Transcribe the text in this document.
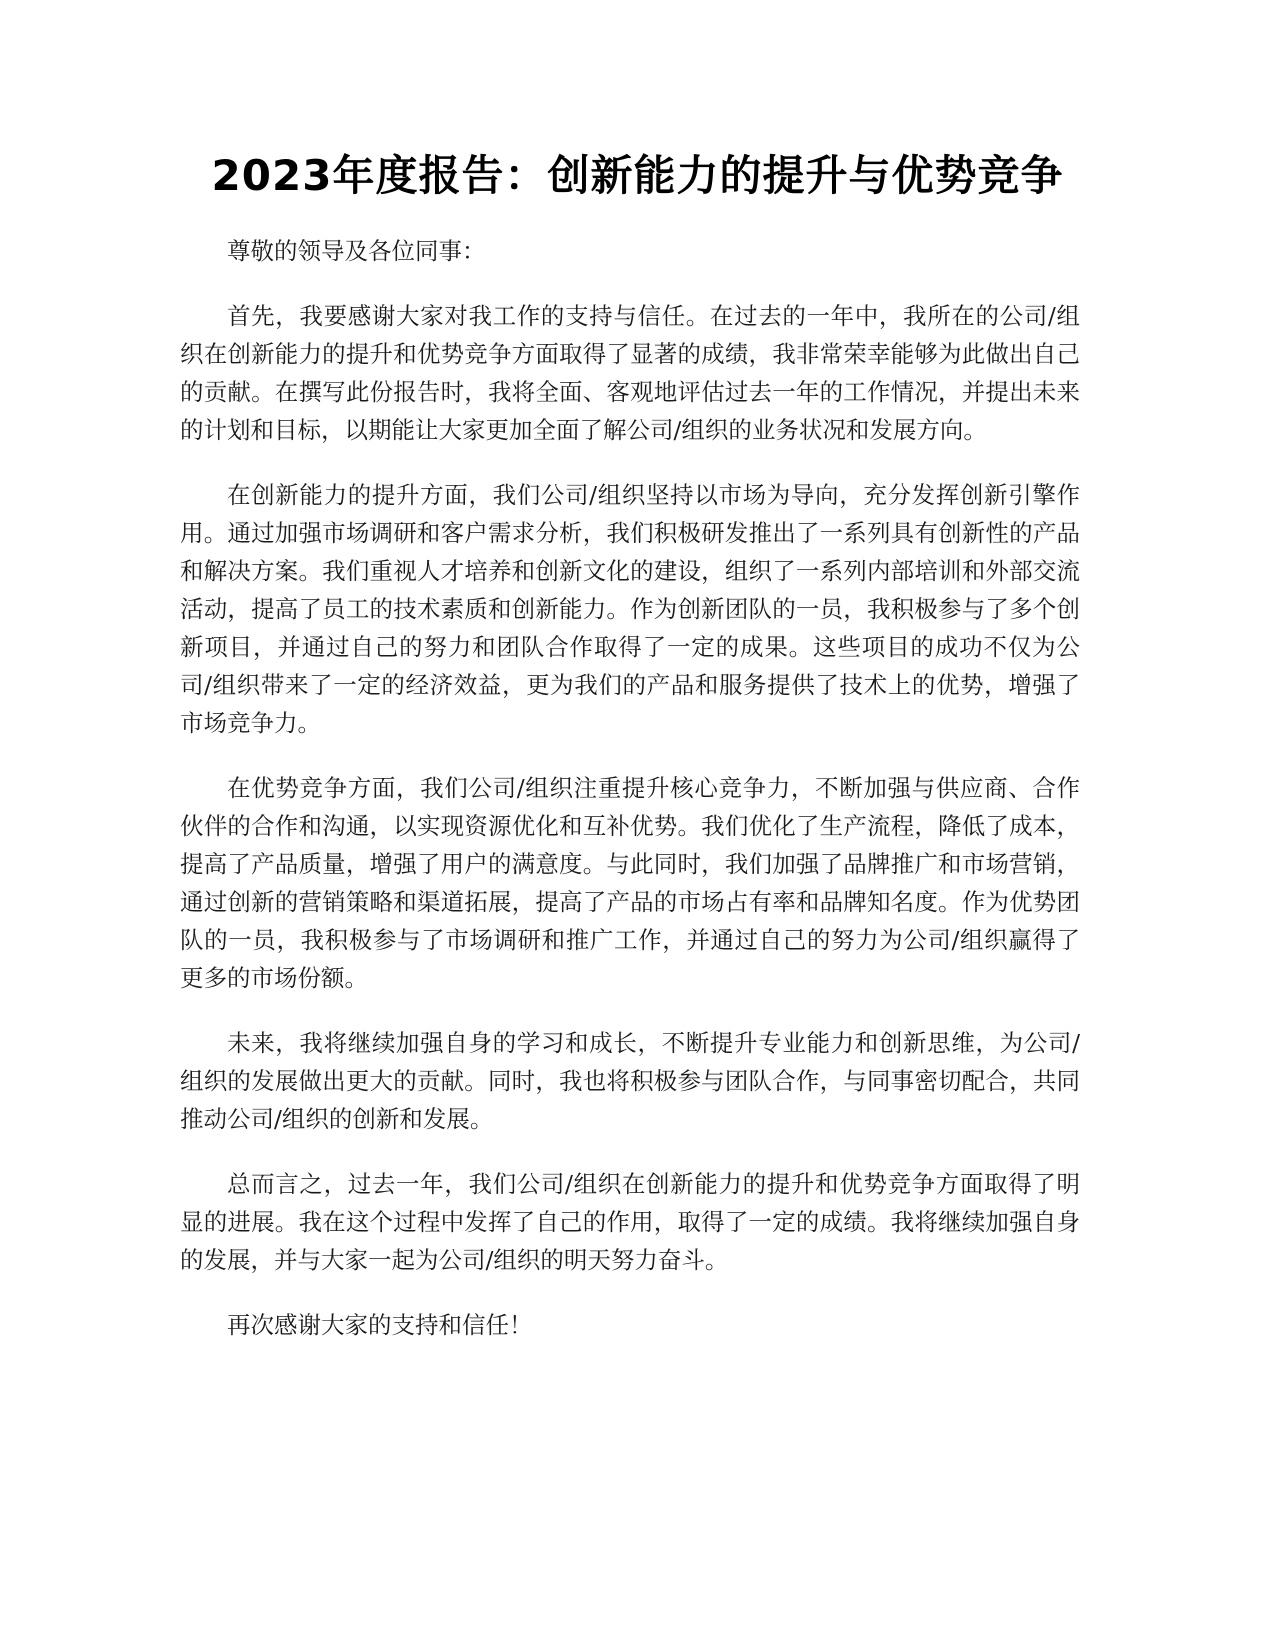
2023年度报告：创新能力的提升与优势竞争

尊敬的领导及各位同事：

首先，我要感谢大家对我工作的支持与信任。在过去的一年中，我所在的公司/组织在创新能力的提升和优势竞争方面取得了显著的成绩，我非常荣幸能够为此做出自己的贡献。在撰写此份报告时，我将全面、客观地评估过去一年的工作情况，并提出未来的计划和目标，以期能让大家更加全面了解公司/组织的业务状况和发展方向。

在创新能力的提升方面，我们公司/组织坚持以市场为导向，充分发挥创新引擎作用。通过加强市场调研和客户需求分析，我们积极研发推出了一系列具有创新性的产品和解决方案。我们重视人才培养和创新文化的建设，组织了一系列内部培训和外部交流活动，提高了员工的技术素质和创新能力。作为创新团队的一员，我积极参与了多个创新项目，并通过自己的努力和团队合作取得了一定的成果。这些项目的成功不仅为公司/组织带来了一定的经济效益，更为我们的产品和服务提供了技术上的优势，增强了市场竞争力。

在优势竞争方面，我们公司/组织注重提升核心竞争力，不断加强与供应商、合作伙伴的合作和沟通，以实现资源优化和互补优势。我们优化了生产流程，降低了成本，提高了产品质量，增强了用户的满意度。与此同时，我们加强了品牌推广和市场营销，通过创新的营销策略和渠道拓展，提高了产品的市场占有率和品牌知名度。作为优势团队的一员，我积极参与了市场调研和推广工作，并通过自己的努力为公司/组织赢得了更多的市场份额。

未来，我将继续加强自身的学习和成长，不断提升专业能力和创新思维，为公司/组织的发展做出更大的贡献。同时，我也将积极参与团队合作，与同事密切配合，共同推动公司/组织的创新和发展。

总而言之，过去一年，我们公司/组织在创新能力的提升和优势竞争方面取得了明显的进展。我在这个过程中发挥了自己的作用，取得了一定的成绩。我将继续加强自身的发展，并与大家一起为公司/组织的明天努力奋斗。

再次感谢大家的支持和信任！
